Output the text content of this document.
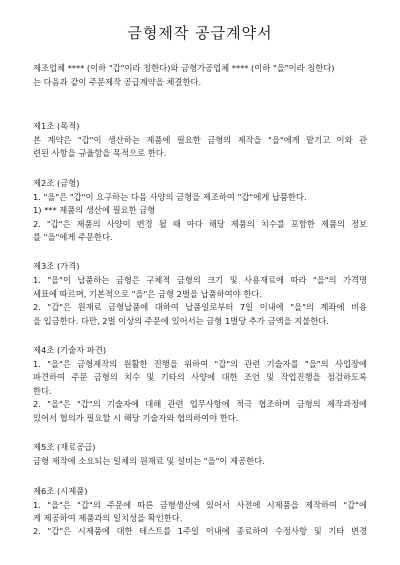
금형제작 공급계약서
제조업체 **** (이하 "갑"이라 칭한다)와 금형가공업체 **** (이하 "을"이라 칭한다)
는 다음과 같이 주문제작 공급계약을 체결한다.
제1조 (목적)

본 계약은 "갑"이 생산하는 제품에 필요한 금형의 제작을 "을"에게 맡기고 이와 관

련된 사항을 규율함을 목적으로 한다.

제2조 (금형)

1. "을"은 "갑"이 요구하는 다음 사양의 금형을 제조하여 "갑"에게 납품한다.

1) *** 제품의 생산에 필요한 금형

2. "갑"은 제품의 사양이 변경 될 때 마다 해당 제품의 치수를 포함한 제품의 정보

를 "을"에게 주문한다.

제3조 (가격)

1. "을"이 납품하는 금형은 구체적 금형의 크기 및 사용재료에 따라 "을"의 가격명

세표에 따르며, 기본적으로 "을"은 금형 2벌을 납품하여야 한다.

2. "갑"은 원재료 금형납품에 대하여 납품일로부터 7일 이내에 "을"의 계좌에 비용

을 입금한다. 다만, 2벌 이상의 주문에 있어서는 금형 1벌당 추가 금액을 지불한다.

제4조 (기술자 파견)

1. "을"은 금형제작의 원활한 진행을 위하여 "갑"의 관련 기술자를 "을"의 사업장에

파견하여 주문 금형의 치수 및 기타의 사양에 대한 조언 및 작업진행을 점검하도록

한다.

2. "을"은 "갑"의 기술자에 대해 관련 업무사항에 적극 협조하며 금형의 제작과정에

있어서 협의가 필요할 시 해당 기술자와 협의하여야 한다.

제5조 (재료공급)

금형 제작에 소요되는 일체의 원재료 및 설비는 "을"이 제공한다.

제6조 (시제품)

1. "을"은 "갑"의 주문에 따른 금형생산에 있어서 사전에 시제품을 제작하여 "갑"에

게 제공하여 제품과의 일치성을 확인한다.

2. "갑"은 시제품에 대한 테스트를 1주일 이내에 종료하여 수정사항 및 기타 변경
